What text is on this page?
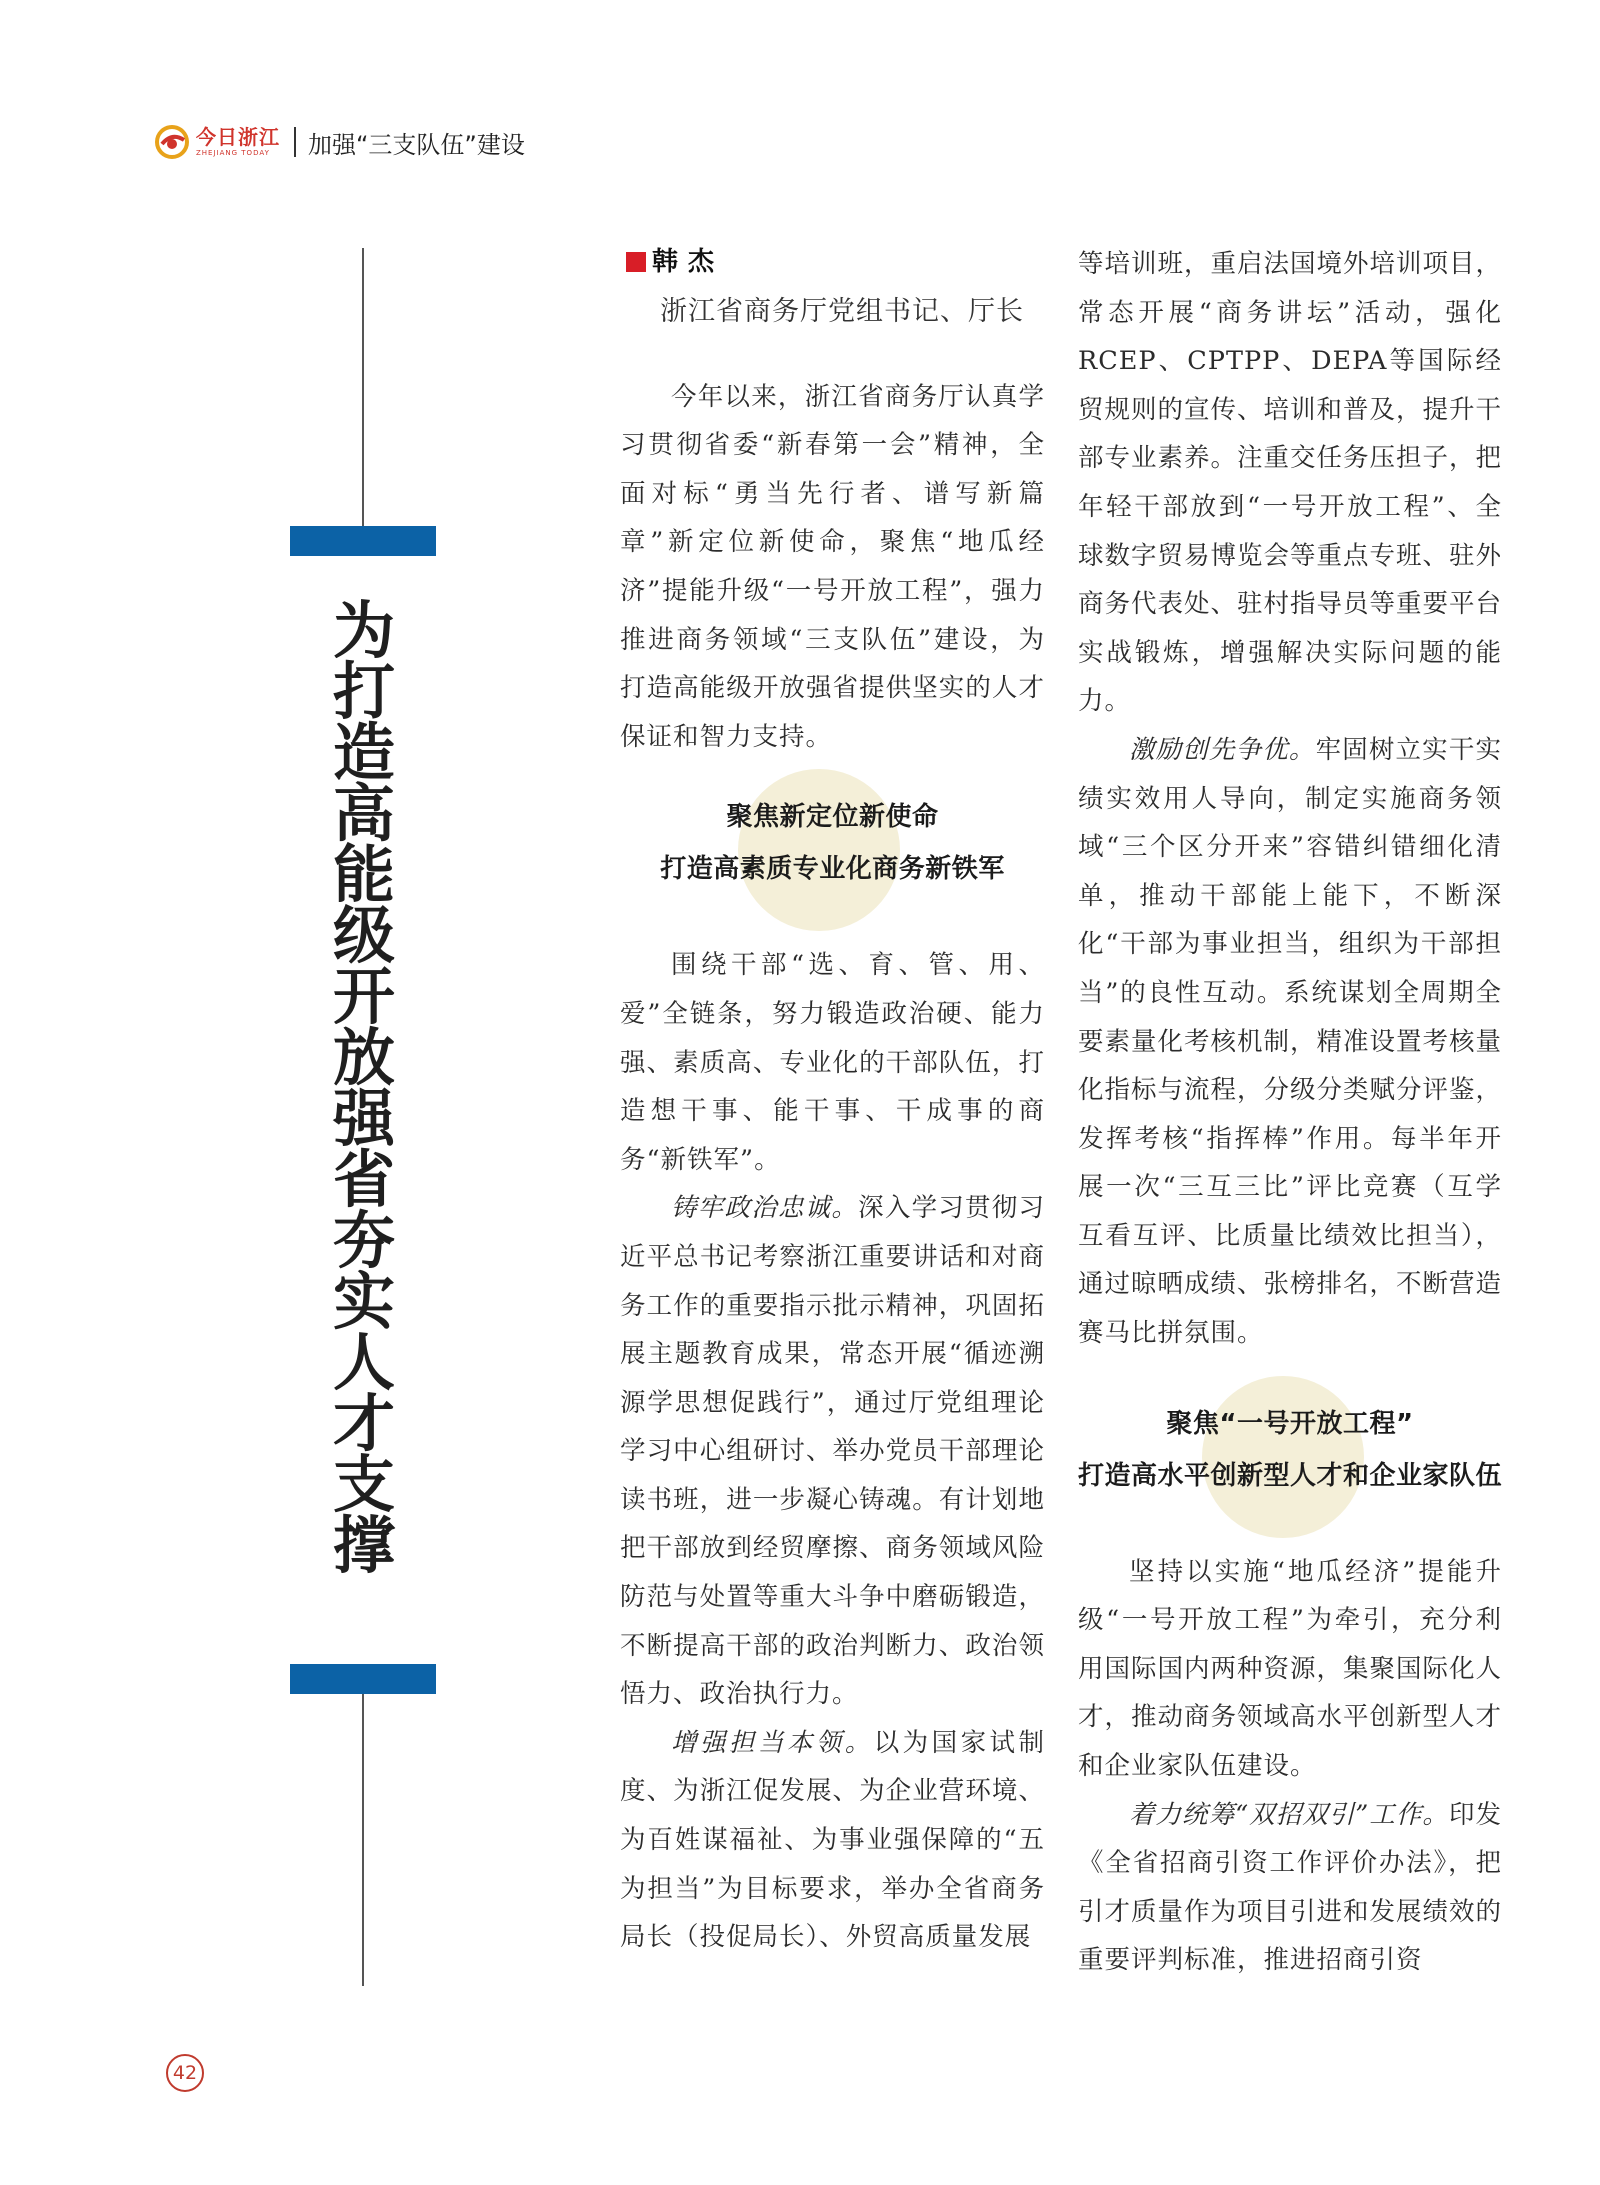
今日浙江
ZHEJIANG TODAY	加强“三支队伍”建设
为
打
造
高
能
级
开
放
强
省
夯
实
人
才
支
撑
韩杰
浙江省商务厅党组书记、厅长

今年以来，浙江省商务厅认真学习贯彻省委“新春第一会”精神，全面对标“勇当先行者、谱写新篇章”新定位新使命，聚焦“地瓜经济”提能升级“一号开放工程”，强力推进商务领域“三支队伍”建设，为打造高能级开放强省提供坚实的人才保证和智力支持。

聚焦新定位新使命
打造高素质专业化商务新铁军

围绕干部“选、育、管、用、爱”全链条，努力锻造政治硬、能力强、素质高、专业化的干部队伍，打造想干事、能干事、干成事的商务“新铁军”。

铸牢政治忠诚。深入学习贯彻习近平总书记考察浙江重要讲话和对商务工作的重要指示批示精神，巩固拓展主题教育成果，常态开展“循迹溯源学思想促践行”，通过厅党组理论学习中心组研讨、举办党员干部理论读书班，进一步凝心铸魂。有计划地把干部放到经贸摩擦、商务领域风险防范与处置等重大斗争中磨砺锻造，不断提高干部的政治判断力、政治领悟力、政治执行力。

增强担当本领。以为国家试制度、为浙江促发展、为企业营环境、为百姓谋福祉、为事业强保障的“五为担当”为目标要求，举办全省商务局长（投促局长）、外贸高质量发展

等培训班，重启法国境外培训项目，常态开展“商务讲坛”活动，强化RCEP、CPTPP、DEPA等国际经贸规则的宣传、培训和普及，提升干部专业素养。注重交任务压担子，把年轻干部放到“一号开放工程”、全球数字贸易博览会等重点专班、驻外商务代表处、驻村指导员等重要平台实战锻炼，增强解决实际问题的能力。

激励创先争优。牢固树立实干实绩实效用人导向，制定实施商务领域“三个区分开来”容错纠错细化清单，推动干部能上能下，不断深化“干部为事业担当，组织为干部担当”的良性互动。系统谋划全周期全要素量化考核机制，精准设置考核量化指标与流程，分级分类赋分评鉴，发挥考核“指挥棒”作用。每半年开展一次“三互三比”评比竞赛（互学互看互评、比质量比绩效比担当），通过晾晒成绩、张榜排名，不断营造赛马比拼氛围。

聚焦“一号开放工程”
打造高水平创新型人才和企业家队伍

坚持以实施“地瓜经济”提能升级“一号开放工程”为牵引，充分利用国际国内两种资源，集聚国际化人才，推动商务领域高水平创新型人才和企业家队伍建设。

着力统筹“双招双引”工作。印发《全省招商引资工作评价办法》，把引才质量作为项目引进和发展绩效的重要评判标准，推进招商引资

42
